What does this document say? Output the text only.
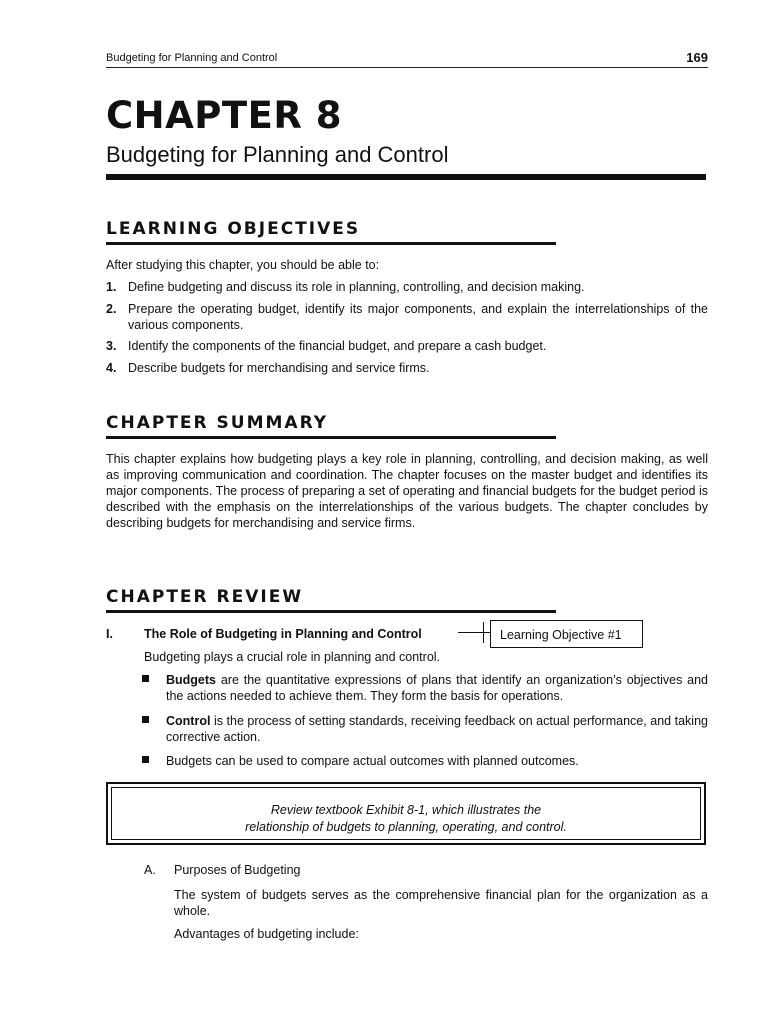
Budgeting for Planning and Control	169
CHAPTER 8
Budgeting for Planning and Control
LEARNING OBJECTIVES
After studying this chapter, you should be able to:
1. Define budgeting and discuss its role in planning, controlling, and decision making.
2. Prepare the operating budget, identify its major components, and explain the interrelationships of the various components.
3. Identify the components of the financial budget, and prepare a cash budget.
4. Describe budgets for merchandising and service firms.
CHAPTER SUMMARY
This chapter explains how budgeting plays a key role in planning, controlling, and decision making, as well as improving communication and coordination. The chapter focuses on the master budget and identifies its major components. The process of preparing a set of operating and financial budgets for the budget period is described with the emphasis on the interrelationships of the various budgets. The chapter concludes by describing budgets for merchandising and service firms.
CHAPTER REVIEW
I. The Role of Budgeting in Planning and Control	Learning Objective #1
Budgeting plays a crucial role in planning and control.
Budgets are the quantitative expressions of plans that identify an organization’s objectives and the actions needed to achieve them. They form the basis for operations.
Control is the process of setting standards, receiving feedback on actual performance, and taking corrective action.
Budgets can be used to compare actual outcomes with planned outcomes.
Review textbook Exhibit 8-1, which illustrates the
relationship of budgets to planning, operating, and control.
A. Purposes of Budgeting
The system of budgets serves as the comprehensive financial plan for the organization as a whole.
Advantages of budgeting include:
